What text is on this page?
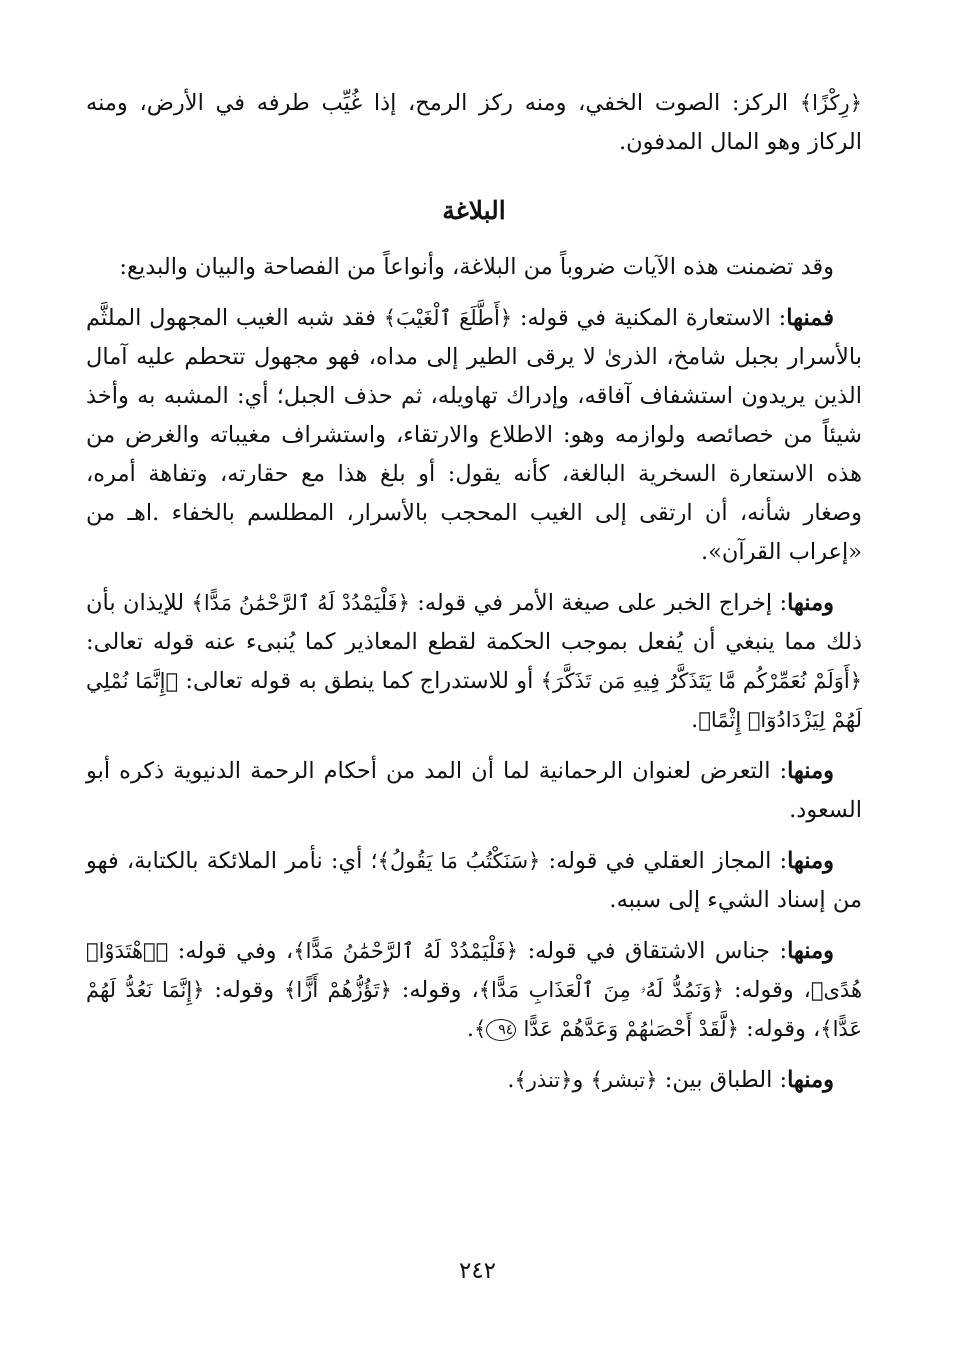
﴿رِكْزًا﴾ الركز: الصوت الخفي، ومنه ركز الرمح، إذا غُيِّب طرفه في الأرض، ومنه الركاز وهو المال المدفون.

البلاغة

وقد تضمنت هذه الآيات ضروباً من البلاغة، وأنواعاً من الفصاحة والبيان والبديع:

فمنها: الاستعارة المكنية في قوله: ﴿أَطَّلَعَ ٱلْغَيْبَ﴾ فقد شبه الغيب المجهول الملثَّم بالأسرار بجبل شامخ، الذرىٰ لا يرقى الطير إلى مداه، فهو مجهول تتحطم عليه آمال الذين يريدون استشفاف آفاقه، وإدراك تهاويله، ثم حذف الجبل؛ أي: المشبه به وأخذ شيئاً من خصائصه ولوازمه وهو: الاطلاع والارتقاء، واستشراف مغيباته والغرض من هذه الاستعارة السخرية البالغة، كأنه يقول: أو بلغ هذا مع حقارته، وتفاهة أمره، وصغار شأنه، أن ارتقى إلى الغيب المحجب بالأسرار، المطلسم بالخفاء .اهـ من «إعراب القرآن».

ومنها: إخراج الخبر على صيغة الأمر في قوله: ﴿فَلْيَمْدُدْ لَهُ ٱلرَّحْمَٰنُ مَدًّا﴾ للإيذان بأن ذلك مما ينبغي أن يُفعل بموجب الحكمة لقطع المعاذير كما يُنبىء عنه قوله تعالى: ﴿أَوَلَمْ نُعَمِّرْكُم مَّا يَتَذَكَّرُ فِيهِ مَن تَذَكَّرَ﴾ أو للاستدراج كما ينطق به قوله تعالى: ﴿إِنَّمَا نُمْلِي لَهُمْ لِيَزْدَادُوٓا۟ إِثْمًا﴾.

ومنها: التعرض لعنوان الرحمانية لما أن المد من أحكام الرحمة الدنيوية ذكره أبو السعود.

ومنها: المجاز العقلي في قوله: ﴿سَنَكْتُبُ مَا يَقُولُ﴾؛ أي: نأمر الملائكة بالكتابة، فهو من إسناد الشيء إلى سببه.

ومنها: جناس الاشتقاق في قوله: ﴿فَلْيَمْدُدْ لَهُ ٱلرَّحْمَٰنُ مَدًّا﴾، وفي قوله: ﴿ٱهْتَدَوْا۟ هُدًى﴾، وقوله: ﴿وَنَمُدُّ لَهُۥ مِنَ ٱلْعَذَابِ مَدًّا﴾، وقوله: ﴿تَؤُزُّهُمْ أَزًّا﴾ وقوله: ﴿إِنَّمَا نَعُدُّ لَهُمْ عَدًّا﴾، وقوله: ﴿لَّقَدْ أَحْصَىٰهُمْ وَعَدَّهُمْ عَدًّا ٩٤﴾.

ومنها: الطباق بين: ﴿تبشر﴾ و﴿تنذر﴾.

٢٤٢
